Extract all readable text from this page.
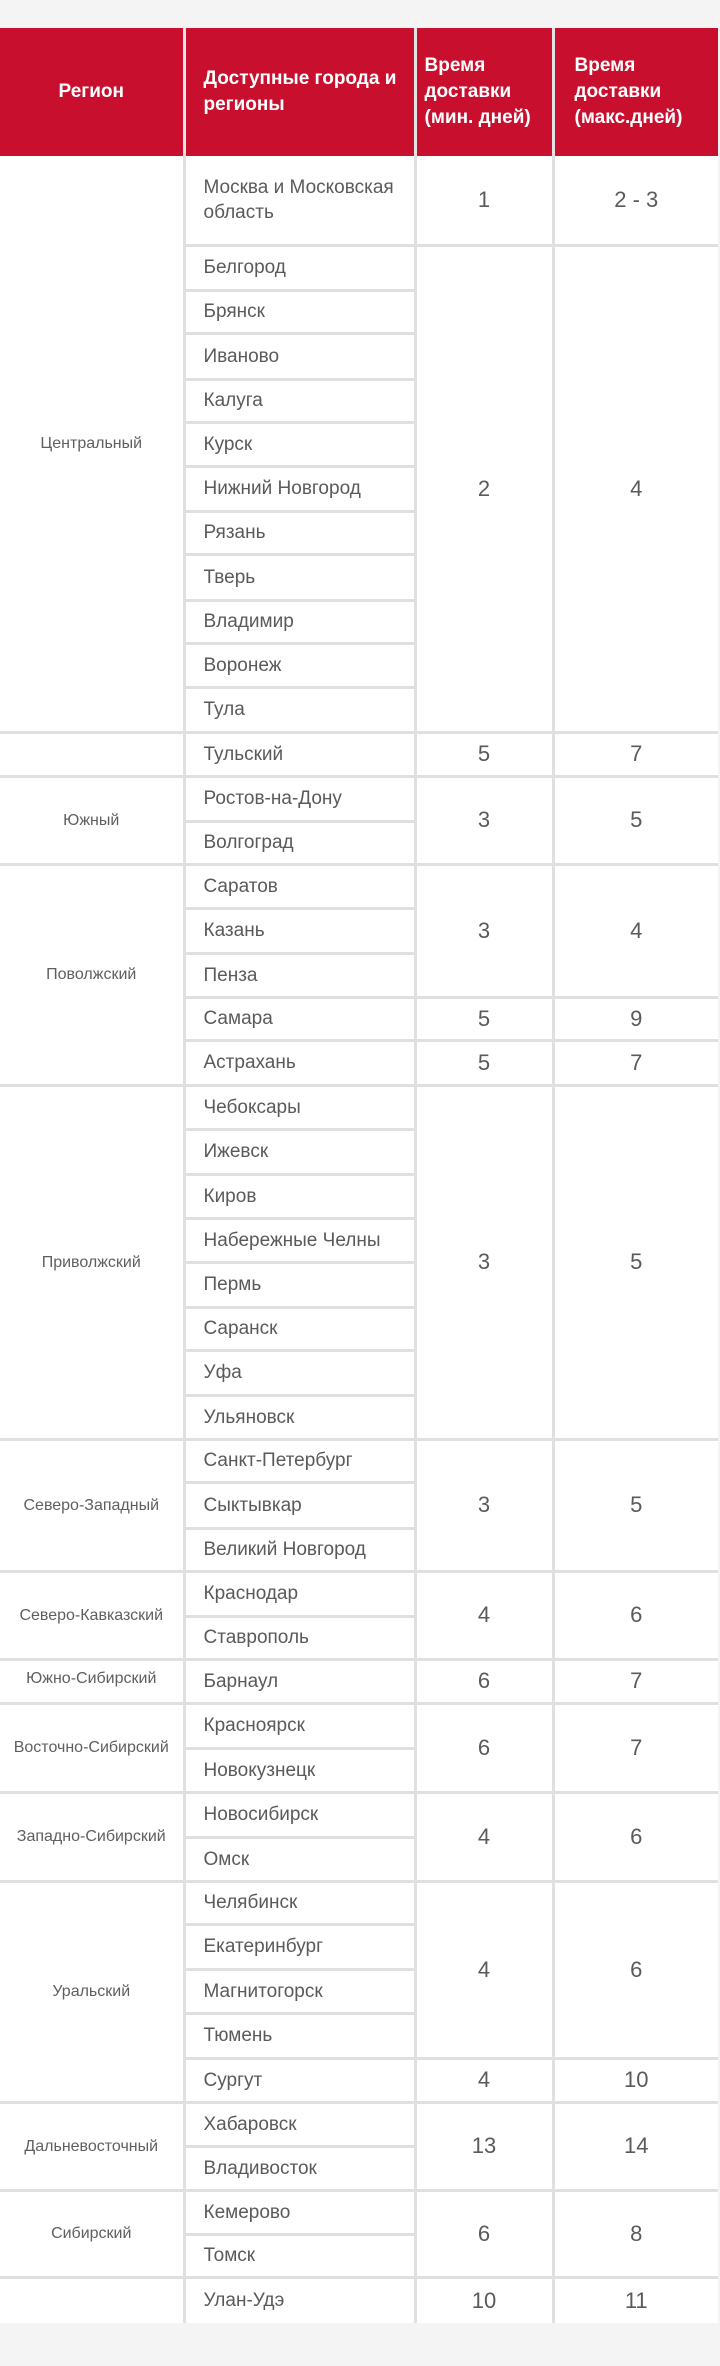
Регион	Доступные города и регионы	Время доставки (мин. дней)	Время доставки (макс.дней)

Центральный	Москва и Московская область	1	2 - 3
	Белгород	2	4
	Брянск		
	Иваново		
	Калуга		
	Курск		
	Нижний Новгород		
	Рязань		
	Тверь		
	Владимир		
	Воронеж		
	Тула		
	Тульский	5	7
Южный	Ростов-на-Дону	3	5
	Волгоград		
Поволжский	Саратов	3	4
	Казань		
	Пенза		
	Самара	5	9
	Астрахань	5	7
Приволжский	Чебоксары	3	5
	Ижевск		
	Киров		
	Набережные Челны		
	Пермь		
	Саранск		
	Уфа		
	Ульяновск		
Северо-Западный	Санкт-Петербург	3	5
	Сыктывкар		
	Великий Новгород		
Северо-Кавказский	Краснодар	4	6
	Ставрополь		
Южно-Сибирский	Барнаул	6	7
Восточно-Сибирский	Красноярск	6	7
	Новокузнецк		
Западно-Сибирский	Новосибирск	4	6
	Омск		
Уральский	Челябинск	4	6
	Екатеринбург		
	Магнитогорск		
	Тюмень		
	Сургут	4	10
Дальневосточный	Хабаровск	13	14
	Владивосток		
Сибирский	Кемерово	6	8
	Томск		
	Улан-Удэ	10	11
